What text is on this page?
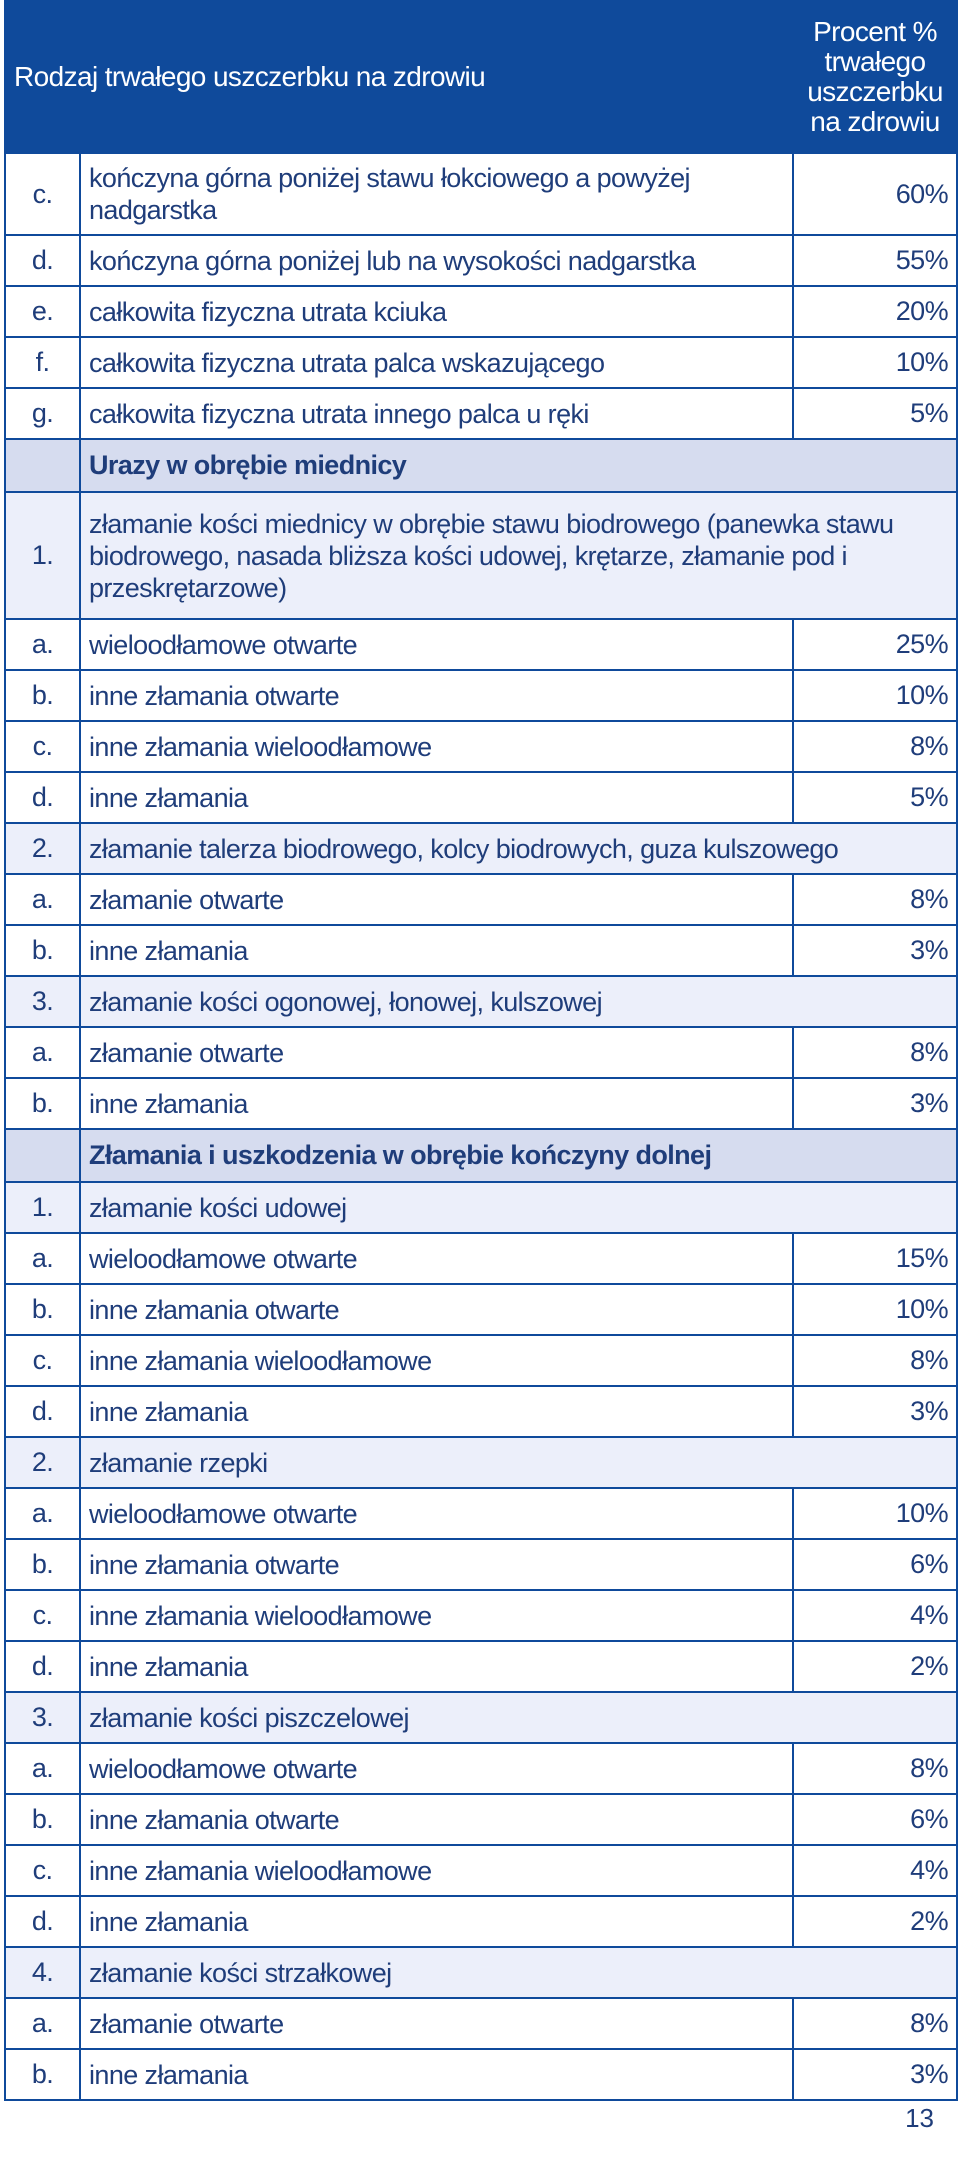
Rodzaj trwałego uszczerbku na zdrowiu		Procent %
trwałego
uszczerbku
na zdrowiu

c.	kończyna górna poniżej stawu łokciowego a powyżej nadgarstka	60%
d.	kończyna górna poniżej lub na wysokości nadgarstka	55%
e.	całkowita fizyczna utrata kciuka	20%
f.	całkowita fizyczna utrata palca wskazującego	10%
g.	całkowita fizyczna utrata innego palca u ręki	5%
	Urazy w obrębie miednicy	
1.	złamanie kości miednicy w obrębie stawu biodrowego (panewka stawu biodrowego, nasada bliższa kości udowej, krętarze, złamanie pod i przeskrętarzowe)	
a.	wieloodłamowe otwarte	25%
b.	inne złamania otwarte	10%
c.	inne złamania wieloodłamowe	8%
d.	inne złamania	5%
2.	złamanie talerza biodrowego, kolcy biodrowych, guza kulszowego	
a.	złamanie otwarte	8%
b.	inne złamania	3%
3.	złamanie kości ogonowej, łonowej, kulszowej	
a.	złamanie otwarte	8%
b.	inne złamania	3%
	Złamania i uszkodzenia w obrębie kończyny dolnej	
1.	złamanie kości udowej	
a.	wieloodłamowe otwarte	15%
b.	inne złamania otwarte	10%
c.	inne złamania wieloodłamowe	8%
d.	inne złamania	3%
2.	złamanie rzepki	
a.	wieloodłamowe otwarte	10%
b.	inne złamania otwarte	6%
c.	inne złamania wieloodłamowe	4%
d.	inne złamania	2%
3.	złamanie kości piszczelowej	
a.	wieloodłamowe otwarte	8%
b.	inne złamania otwarte	6%
c.	inne złamania wieloodłamowe	4%
d.	inne złamania	2%
4.	złamanie kości strzałkowej	
a.	złamanie otwarte	8%
b.	inne złamania	3%
13
